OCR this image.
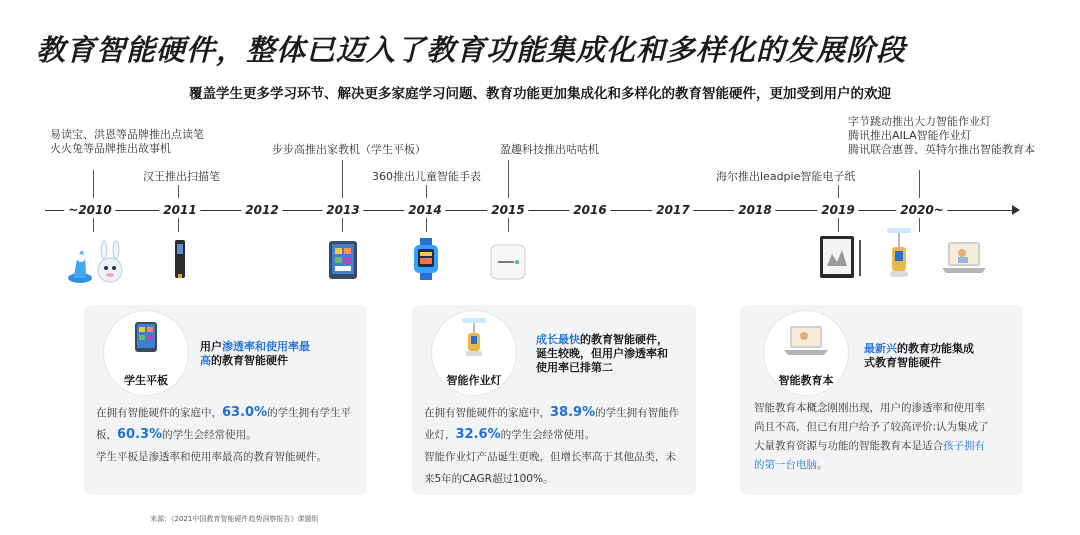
教育智能硬件，整体已迈入了教育功能集成化和多样化的发展阶段
覆盖学生更多学习环节、解决更多家庭学习问题、教育功能更加集成化和多样化的教育智能硬件，更加受到用户的欢迎
易读宝、洪恩等品牌推出点读笔
火火兔等品牌推出故事机
汉王推出扫描笔
步步高推出家教机（学生平板）
360推出儿童智能手表
盈趣科技推出咕咕机
海尔推出leadpie智能电子纸
字节跳动推出大力智能作业灯
腾讯推出AILA智能作业灯
腾讯联合惠普、英特尔推出智能教育本
~2010	2011	2012	2013	2014	2015	2016	2017	2018	2019	2020~
学生平板
用户渗透率和使用率最高的教育智能硬件
在拥有智能硬件的家庭中，63.0%的学生拥有学生平
板，60.3%的学生会经常使用。
学生平板是渗透率和使用率最高的教育智能硬件。
智能作业灯
成长最快的教育智能硬件，诞生较晚，但用户渗透率和使用率已排第二
在拥有智能硬件的家庭中，38.9%的学生拥有智能作
业灯，32.6%的学生会经常使用。
智能作业灯产品诞生更晚，但增长率高于其他品类，未
来5年的CAGR超过100%。
智能教育本
最新兴的教育功能集成式教育智能硬件
智能教育本概念刚刚出现，用户的渗透率和使用率
尚且不高，但已有用户给予了较高评价:认为集成了
大量教育资源与功能的智能教育本是适合孩子拥有
的第一台电脑。
来源：《2021中国教育智能硬件趋势洞察报告》课题组
